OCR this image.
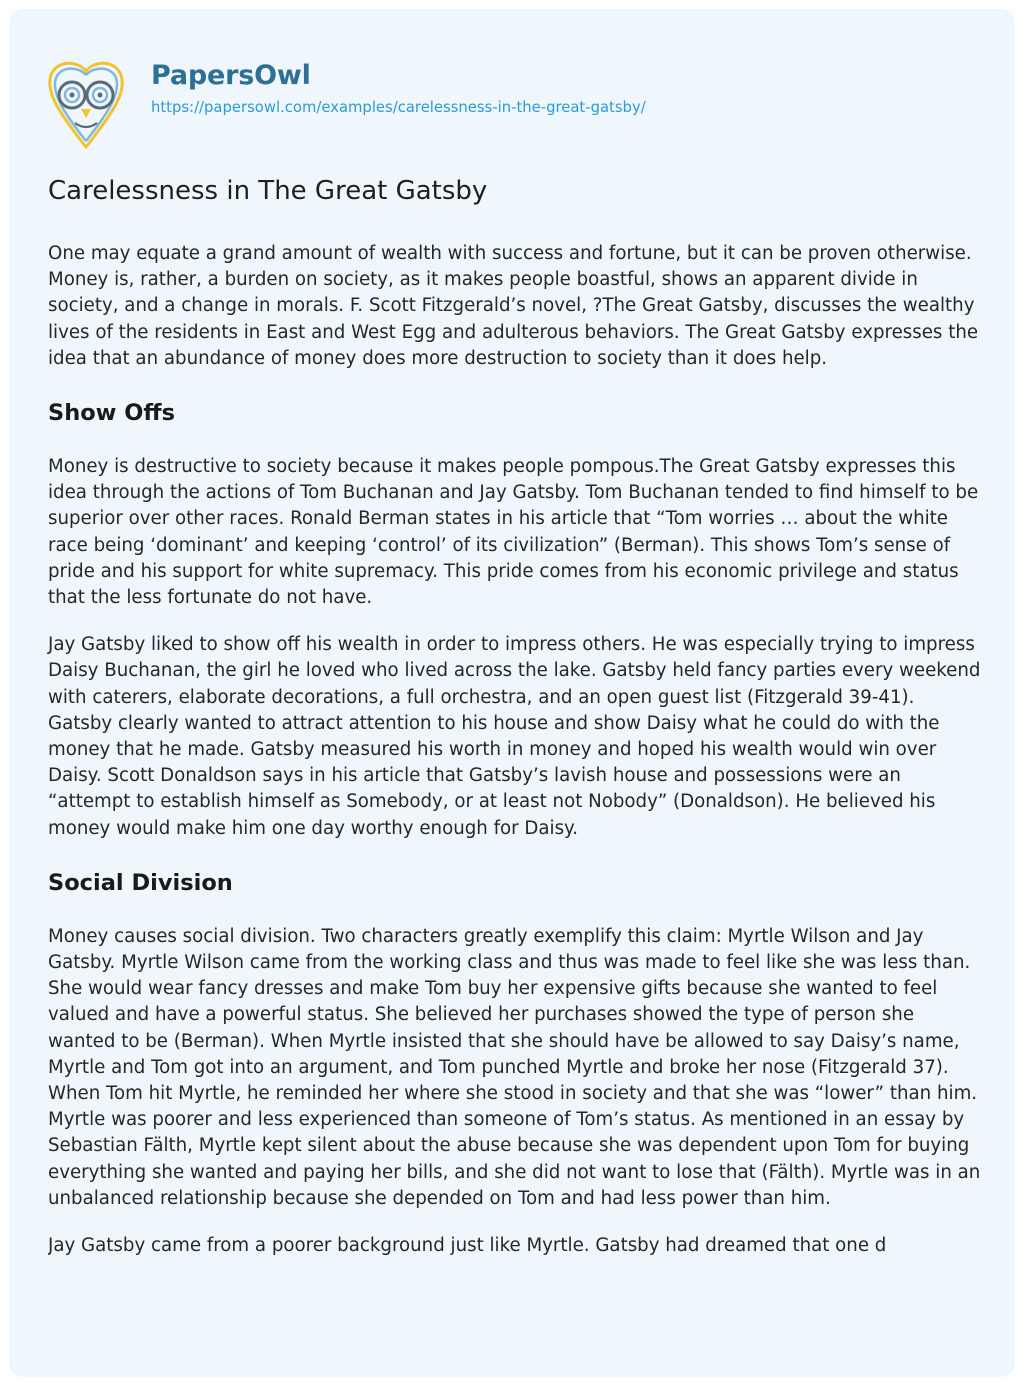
PapersOwl
https://papersowl.com/examples/carelessness-in-the-great-gatsby/
Carelessness in The Great Gatsby

One may equate a grand amount of wealth with success and fortune, but it can be proven otherwise. Money is, rather, a burden on society, as it makes people boastful, shows an apparent divide in society, and a change in morals. F. Scott Fitzgerald’s novel, ?The Great Gatsby, discusses the wealthy lives of the residents in East and West Egg and adulterous behaviors. The Great Gatsby expresses the idea that an abundance of money does more destruction to society than it does help.

Show Offs

Money is destructive to society because it makes people pompous.The Great Gatsby expresses this idea through the actions of Tom Buchanan and Jay Gatsby. Tom Buchanan tended to find himself to be superior over other races. Ronald Berman states in his article that “Tom worries … about the white race being ‘dominant’ and keeping ‘control’ of its civilization” (Berman). This shows Tom’s sense of pride and his support for white supremacy. This pride comes from his economic privilege and status that the less fortunate do not have.

Jay Gatsby liked to show off his wealth in order to impress others. He was especially trying to impress Daisy Buchanan, the girl he loved who lived across the lake. Gatsby held fancy parties every weekend with caterers, elaborate decorations, a full orchestra, and an open guest list (Fitzgerald 39-41). Gatsby clearly wanted to attract attention to his house and show Daisy what he could do with the money that he made. Gatsby measured his worth in money and hoped his wealth would win over Daisy. Scott Donaldson says in his article that Gatsby’s lavish house and possessions were an “attempt to establish himself as Somebody, or at least not Nobody” (Donaldson). He believed his money would make him one day worthy enough for Daisy.

Social Division

Money causes social division. Two characters greatly exemplify this claim: Myrtle Wilson and Jay Gatsby. Myrtle Wilson came from the working class and thus was made to feel like she was less than. She would wear fancy dresses and make Tom buy her expensive gifts because she wanted to feel valued and have a powerful status. She believed her purchases showed the type of person she wanted to be (Berman). When Myrtle insisted that she should have be allowed to say Daisy’s name, Myrtle and Tom got into an argument, and Tom punched Myrtle and broke her nose (Fitzgerald 37). When Tom hit Myrtle, he reminded her where she stood in society and that she was “lower” than him. Myrtle was poorer and less experienced than someone of Tom’s status. As mentioned in an essay by Sebastian Fälth, Myrtle kept silent about the abuse because she was dependent upon Tom for buying everything she wanted and paying her bills, and she did not want to lose that (Fälth). Myrtle was in an unbalanced relationship because she depended on Tom and had less power than him.

Jay Gatsby came from a poorer background just like Myrtle. Gatsby had dreamed that one d
